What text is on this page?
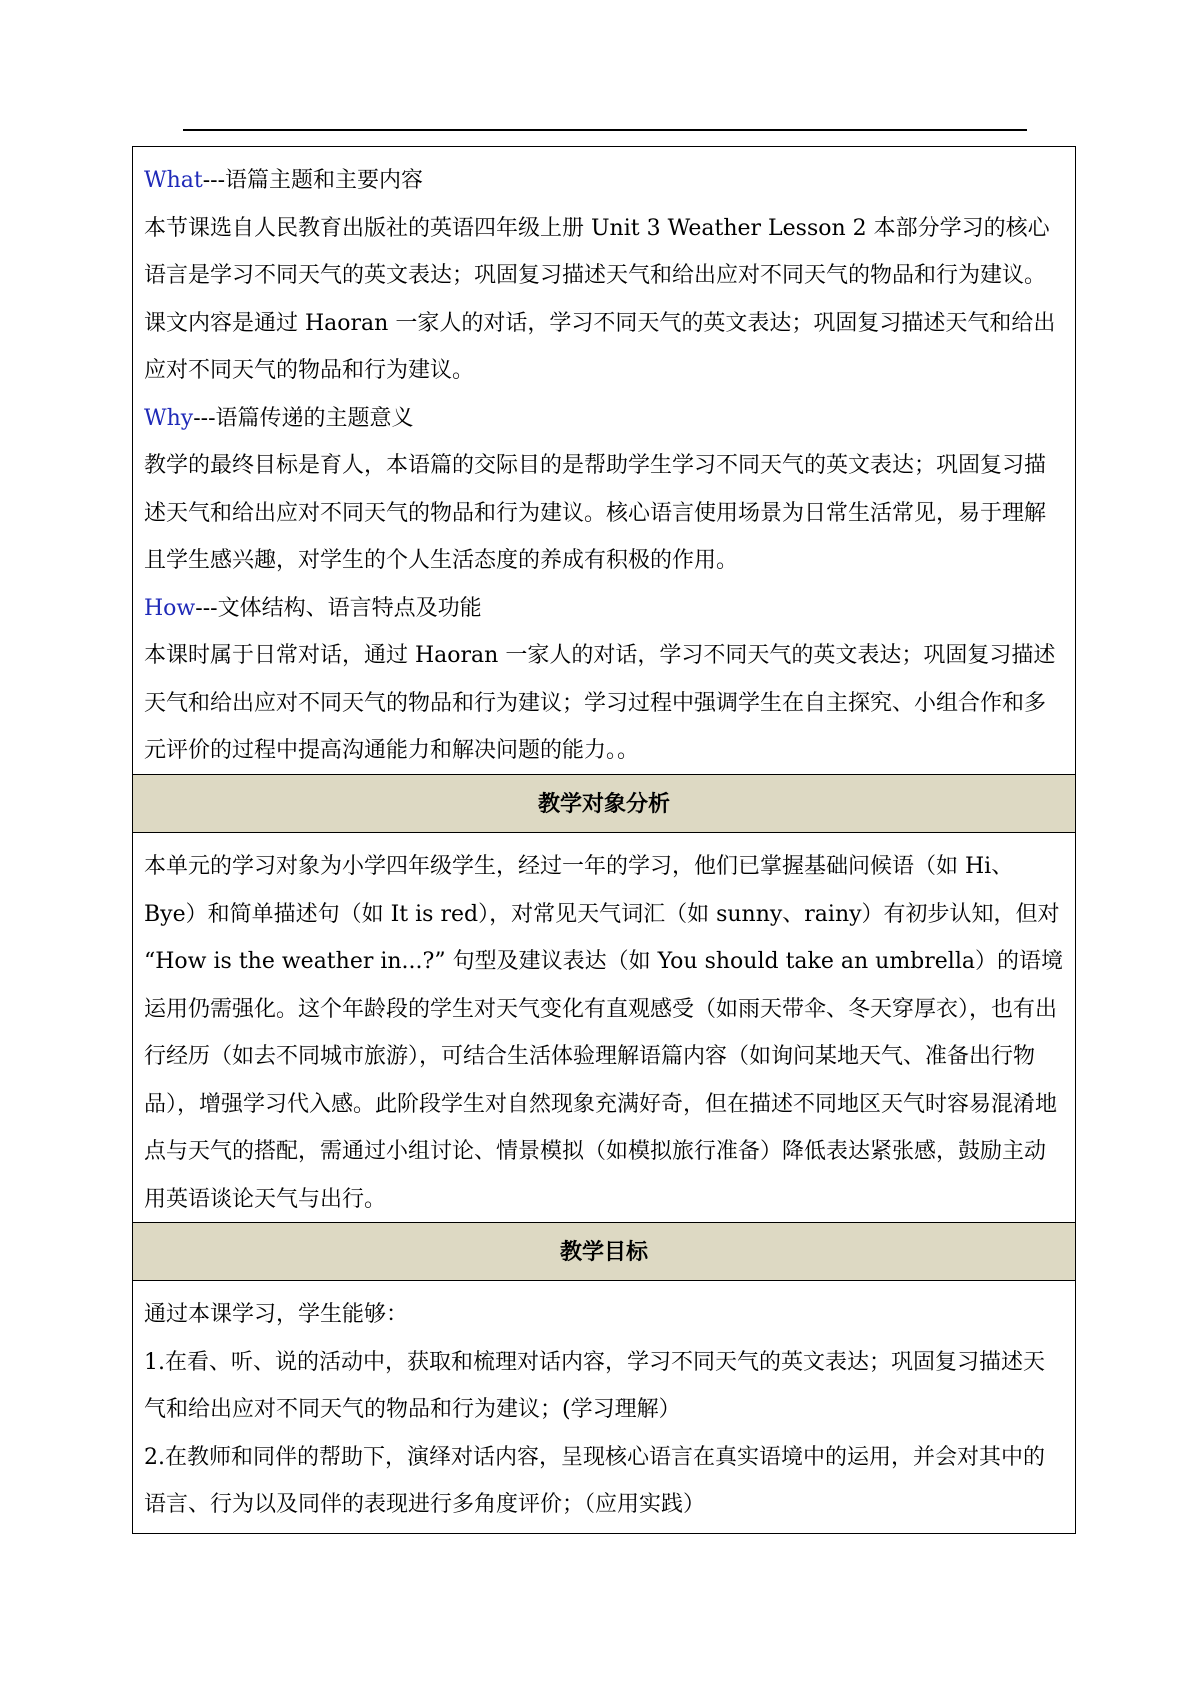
What---语篇主题和主要内容

本节课选自人民教育出版社的英语四年级上册 Unit 3 Weather Lesson 2 本部分学习的核心语言是学习不同天气的英文表达；巩固复习描述天气和给出应对不同天气的物品和行为建议。课文内容是通过 Haoran 一家人的对话，学习不同天气的英文表达；巩固复习描述天气和给出应对不同天气的物品和行为建议。

Why---语篇传递的主题意义

教学的最终目标是育人，本语篇的交际目的是帮助学生学习不同天气的英文表达；巩固复习描述天气和给出应对不同天气的物品和行为建议。核心语言使用场景为日常生活常见，易于理解且学生感兴趣，对学生的个人生活态度的养成有积极的作用。

How---文体结构、语言特点及功能

本课时属于日常对话，通过 Haoran 一家人的对话，学习不同天气的英文表达；巩固复习描述天气和给出应对不同天气的物品和行为建议；学习过程中强调学生在自主探究、小组合作和多元评价的过程中提高沟通能力和解决问题的能力。。

教学对象分析

本单元的学习对象为小学四年级学生，经过一年的学习，他们已掌握基础问候语（如 Hi、Bye）和简单描述句（如 It is red），对常见天气词汇（如 sunny、rainy）有初步认知，但对 “How is the weather in...?” 句型及建议表达（如 You should take an umbrella）的语境运用仍需强化。这个年龄段的学生对天气变化有直观感受（如雨天带伞、冬天穿厚衣），也有出行经历（如去不同城市旅游），可结合生活体验理解语篇内容（如询问某地天气、准备出行物品），增强学习代入感。此阶段学生对自然现象充满好奇，但在描述不同地区天气时容易混淆地点与天气的搭配，需通过小组讨论、情景模拟（如模拟旅行准备）降低表达紧张感，鼓励主动用英语谈论天气与出行。

教学目标

通过本课学习，学生能够：

1.在看、听、说的活动中，获取和梳理对话内容，学习不同天气的英文表达；巩固复习描述天气和给出应对不同天气的物品和行为建议；(学习理解）

2.在教师和同伴的帮助下，演绎对话内容，呈现核心语言在真实语境中的运用，并会对其中的语言、行为以及同伴的表现进行多角度评价；（应用实践）
